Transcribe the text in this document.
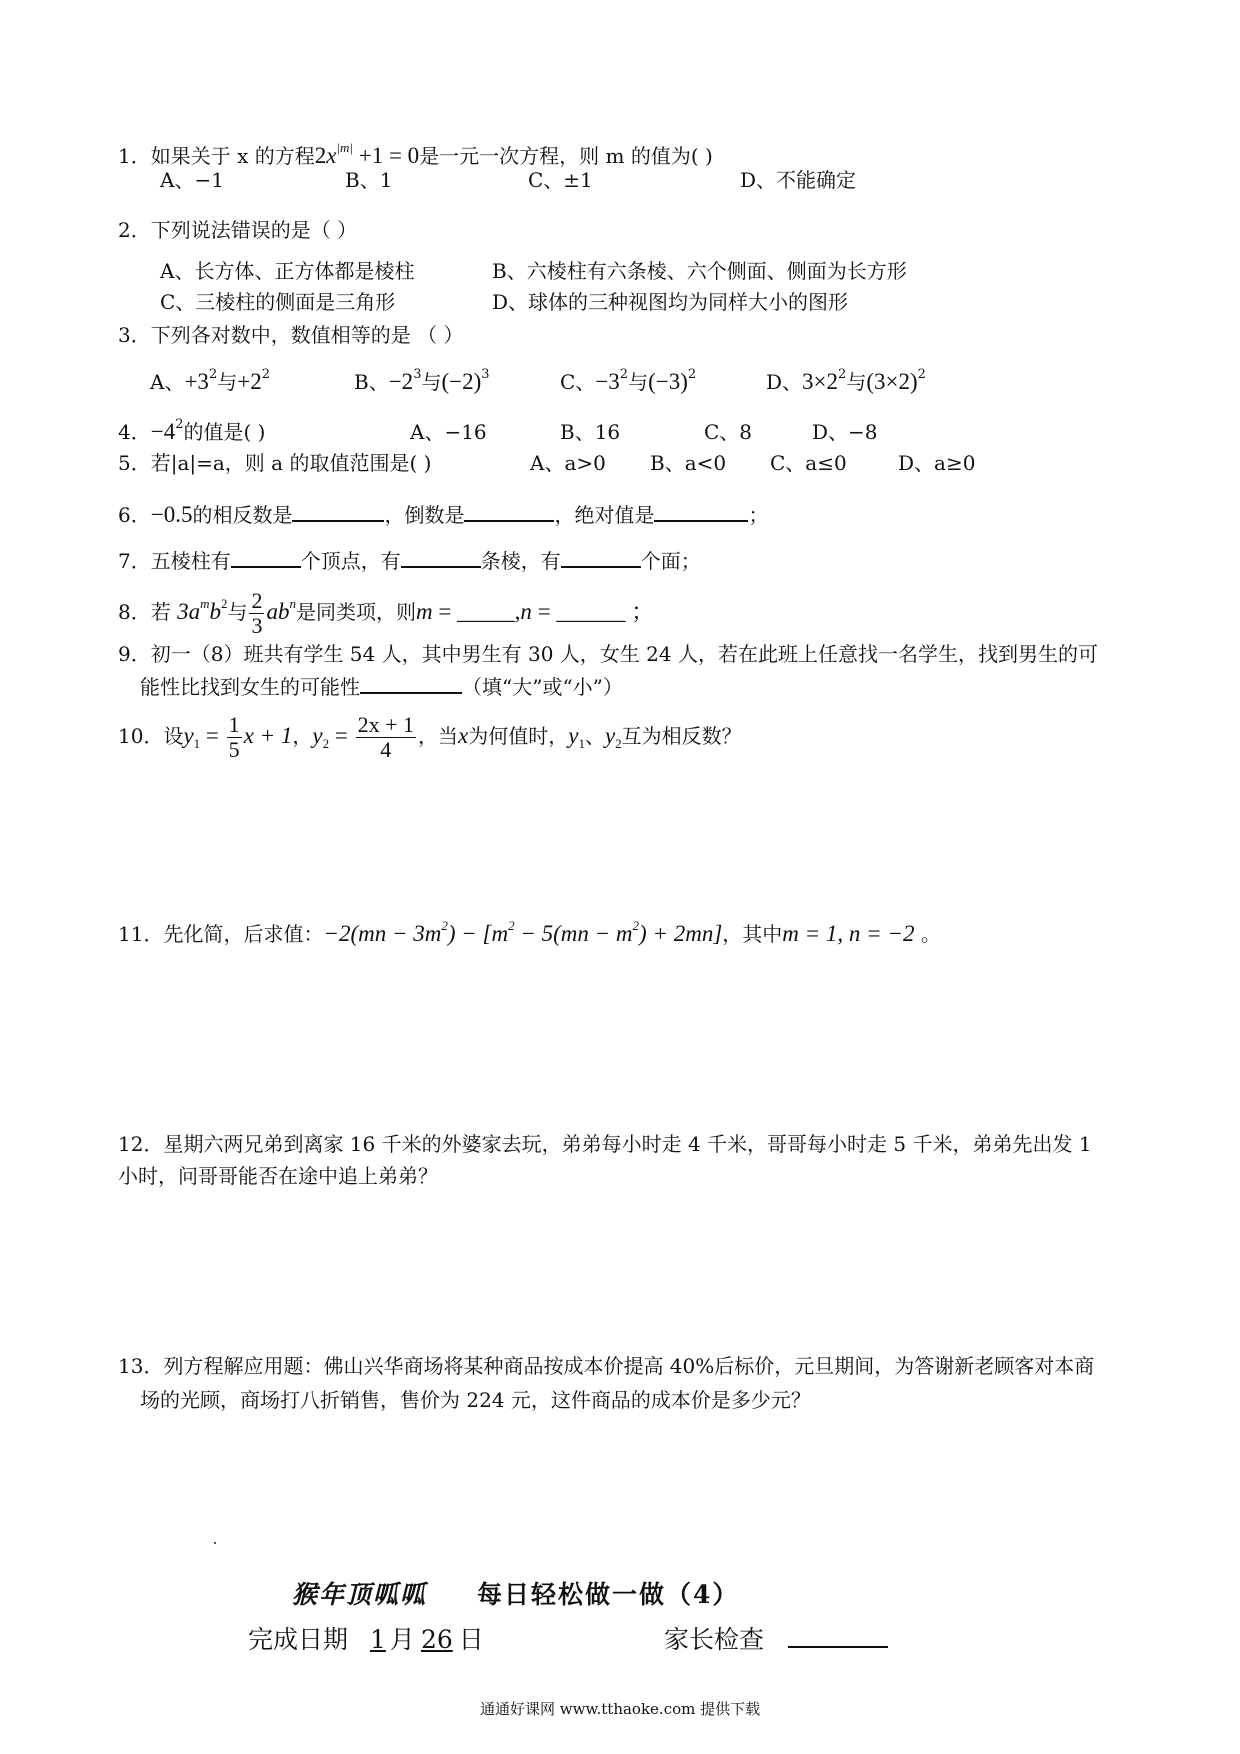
1．如果关于 x 的方程$2x^{|m|} +1 = 0$是一元一次方程，则 m 的值为( )
A、−1	B、1	C、±1	D、不能确定
2．下列说法错误的是（ ）
A、长方体、正方体都是棱柱	B、六棱柱有六条棱、六个侧面、侧面为长方形
C、三棱柱的侧面是三角形	D、球体的三种视图均为同样大小的图形
3．下列各对数中，数值相等的是 （ ）
A、$+3^2$与$+2^2$	B、$-2^3$与$(-2)^3$	C、$-3^2$与$(-3)^2$	D、$3\times 2^2$与$(3\times 2)^2$
4．$-4^2$的值是( )	A、−16	B、16	C、8	D、−8
5．若|a|=a，则 a 的取值范围是( )	A、a>0 B、a<0 C、a≤0	D、a≥0
6．−0.5的相反数是	，倒数是	，绝对值是	；
7．五棱柱有	个顶点，有	条棱，有	个面；
8．若 $3a^mb^2$与 $\frac{2}{3} ab^n$是同类项，则m = _____,n = ______ ；
9．初一（8）班共有学生 54 人，其中男生有 30 人，女生 24 人，若在此班上任意找一名学生，找到男生的可
能性比找到女生的可能性	（填“大”或“小”）
10．设$y_1 = \frac{1}{5}$ x + 1，$y_2 = \frac{2x + 1}{4}$ ，当x为何值时，$y_1$、$y_2$互为相反数？
11．先化简，后求值：$-2(mn - 3m^2) - [m^2 - 5(mn - m^2) + 2mn]$，其中m = 1, n = −2 。
12．星期六两兄弟到离家 16 千米的外婆家去玩，弟弟每小时走 4 千米，哥哥每小时走 5 千米，弟弟先出发 1
小时，问哥哥能否在途中追上弟弟？
13．列方程解应用题：佛山兴华商场将某种商品按成本价提高 40%后标价，元旦期间，为答谢新老顾客对本商
场的光顾，商场打八折销售，售价为 224 元，这件商品的成本价是多少元？
猴年顶呱呱 每日轻松做一做（4）
完成日期 1 月 26 日	家长检查
通通好课网 www.tthaoke.com 提供下载
